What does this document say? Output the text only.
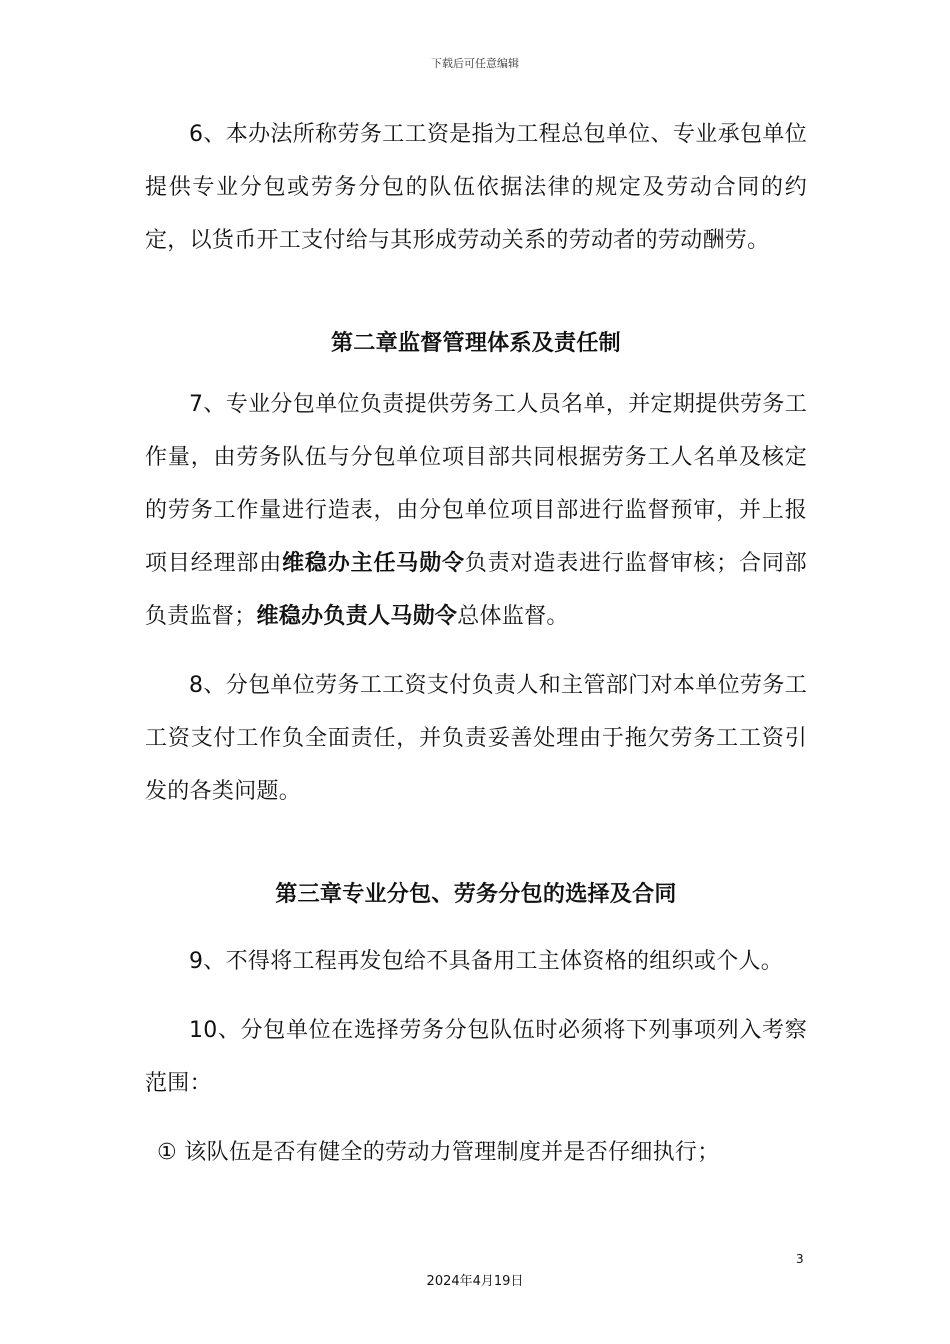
下载后可任意编辑

6、本办法所称劳务工工资是指为工程总包单位、专业承包单位提供专业分包或劳务分包的队伍依据法律的规定及劳动合同的约定，以货币开工支付给与其形成劳动关系的劳动者的劳动酬劳。

第二章监督管理体系及责任制

7、专业分包单位负责提供劳务工人员名单，并定期提供劳务工作量，由劳务队伍与分包单位项目部共同根据劳务工人名单及核定的劳务工作量进行造表，由分包单位项目部进行监督预审，并上报项目经理部由维稳办主任马勋令负责对造表进行监督审核；合同部负责监督；维稳办负责人马勋令总体监督。

8、分包单位劳务工工资支付负责人和主管部门对本单位劳务工工资支付工作负全面责任，并负责妥善处理由于拖欠劳务工工资引发的各类问题。

第三章专业分包、劳务分包的选择及合同

9、不得将工程再发包给不具备用工主体资格的组织或个人。

10、分包单位在选择劳务分包队伍时必须将下列事项列入考察范围：

① 该队伍是否有健全的劳动力管理制度并是否仔细执行；

3
2024年4月19日
